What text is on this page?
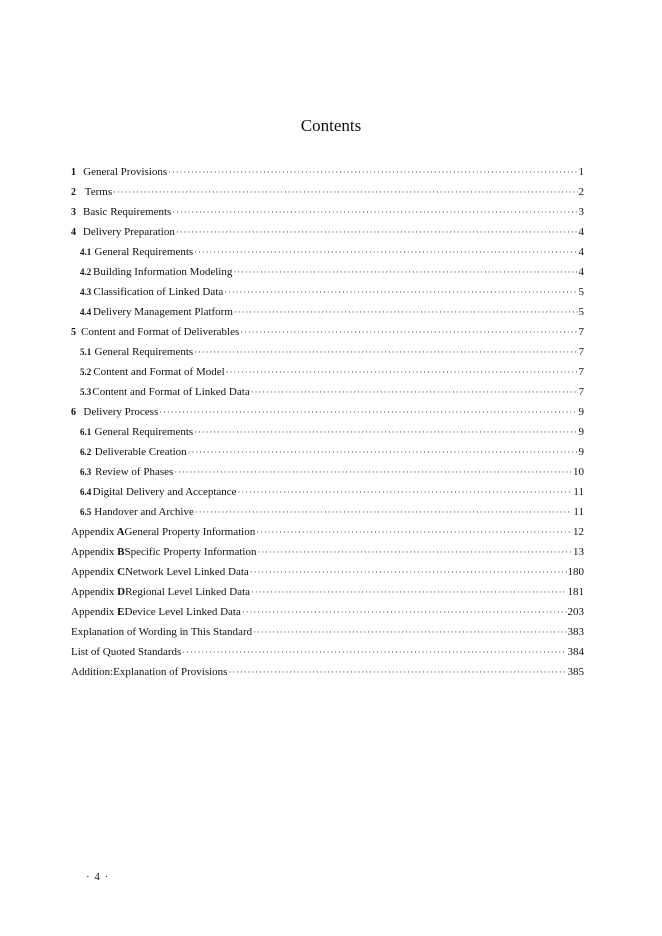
Contents
1 General Provisions ·····	1
2 Terms ·····	2
3 Basic Requirements ·····	3
4 Delivery Preparation ·····	4
4.1 General Requirements ·····	4
4.2 Building Information Modeling ·····	4
4.3 Classification of Linked Data ·····	5
4.4 Delivery Management Platform ·····	5
5 Content and Format of Deliverables ·····	7
5.1 General Requirements ·····	7
5.2 Content and Format of Model ·····	7
5.3 Content and Format of Linked Data ·····	7
6 Delivery Process ·····	9
6.1 General Requirements ·····	9
6.2 Deliverable Creation ·····	9
6.3 Review of Phases ·····	10
6.4 Digital Delivery and Acceptance ·····	11
6.5 Handover and Archive ·····	11
Appendix A General Property Information ·····	12
Appendix B Specific Property Information ·····	13
Appendix C Network Level Linked Data ·····	180
Appendix D Regional Level Linked Data ·····	181
Appendix E Device Level Linked Data ·····	203
Explanation of Wording in This Standard ·····	383
List of Quoted Standards ·····	384
Addition:Explanation of Provisions ·····	385
· 4 ·
